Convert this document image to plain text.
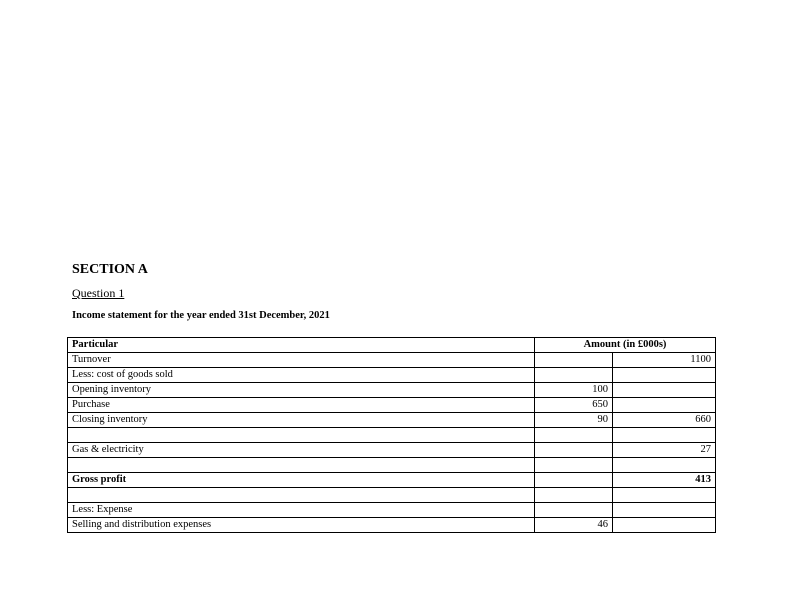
SECTION A

Question 1

Income statement for the year ended 31st December, 2021

Particular	Amount (in £000s)	
Turnover		1100
Less: cost of goods sold		
Opening inventory	100	
Purchase	650	
Closing inventory	90	660

Gas & electricity		27

Gross profit		413

Less: Expense		
Selling and distribution expenses	46	
